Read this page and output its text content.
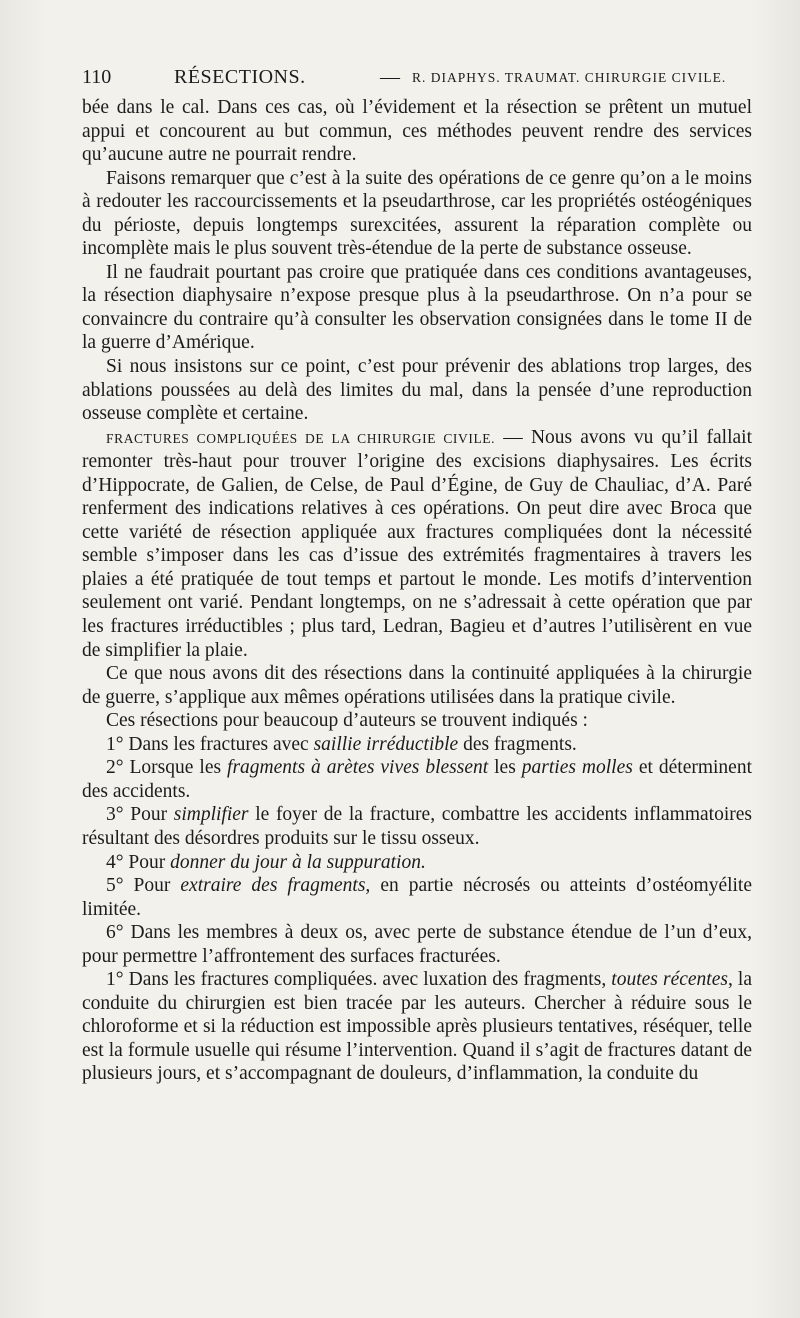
110	RÉSECTIONS.	— R. DIAPHYS. TRAUMAT. CHIRURGIE CIVILE.

bée dans le cal. Dans ces cas, où l’évidement et la résection se prêtent un mutuel appui et concourent au but commun, ces méthodes peuvent rendre des services qu’aucune autre ne pourrait rendre.

Faisons remarquer que c’est à la suite des opérations de ce genre qu’on a le moins à redouter les raccourcissements et la pseudarthrose, car les propriétés ostéogéniques du périoste, depuis longtemps surexcitées, assurent la réparation complète ou incomplète mais le plus souvent très-étendue de la perte de substance osseuse.

Il ne faudrait pourtant pas croire que pratiquée dans ces conditions avantageuses, la résection diaphysaire n’expose presque plus à la pseudarthrose. On n’a pour se convaincre du contraire qu’à consulter les observation consignées dans le tome II de la guerre d’Amérique.

Si nous insistons sur ce point, c’est pour prévenir des ablations trop larges, des ablations poussées au delà des limites du mal, dans la pensée d’une reproduction osseuse complète et certaine.

FRACTURES COMPLIQUÉES DE LA CHIRURGIE CIVILE. — Nous avons vu qu’il fallait remonter très-haut pour trouver l’origine des excisions diaphysaires. Les écrits d’Hippocrate, de Galien, de Celse, de Paul d’Égine, de Guy de Chauliac, d’A. Paré renferment des indications relatives à ces opérations. On peut dire avec Broca que cette variété de résection appliquée aux fractures compliquées dont la nécessité semble s’imposer dans les cas d’issue des extrémités fragmentaires à travers les plaies a été pratiquée de tout temps et partout le monde. Les motifs d’intervention seulement ont varié. Pendant longtemps, on ne s’adressait à cette opération que par les fractures irréductibles ; plus tard, Ledran, Bagieu et d’autres l’utilisèrent en vue de simplifier la plaie.

Ce que nous avons dit des résections dans la continuité appliquées à la chirurgie de guerre, s’applique aux mêmes opérations utilisées dans la pratique civile.

Ces résections pour beaucoup d’auteurs se trouvent indiqués :

1° Dans les fractures avec saillie irréductible des fragments.

2° Lorsque les fragments à arètes vives blessent les parties molles et déterminent des accidents.

3° Pour simplifier le foyer de la fracture, combattre les accidents inflammatoires résultant des désordres produits sur le tissu osseux.

4° Pour donner du jour à la suppuration.

5° Pour extraire des fragments, en partie nécrosés ou atteints d’ostéomyélite limitée.

6° Dans les membres à deux os, avec perte de substance étendue de l’un d’eux, pour permettre l’affrontement des surfaces fracturées.

1° Dans les fractures compliquées. avec luxation des fragments, toutes récentes, la conduite du chirurgien est bien tracée par les auteurs. Chercher à réduire sous le chloroforme et si la réduction est impossible après plusieurs tentatives, réséquer, telle est la formule usuelle qui résume l’intervention. Quand il s’agit de fractures datant de plusieurs jours, et s’accompagnant de douleurs, d’inflammation, la conduite du
